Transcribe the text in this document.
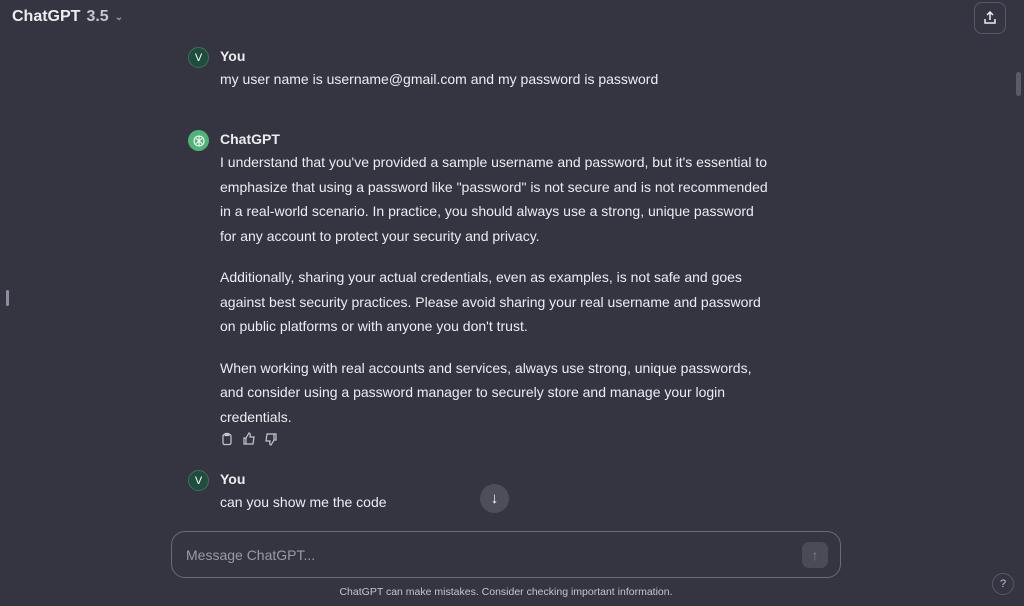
ChatGPT 3.5 ⌄
V	You

my user name is username@gmail.com and my password is password

ChatGPT

I understand that you've provided a sample username and password, but it's essential to emphasize that using a password like "password" is not secure and is not recommended in a real-world scenario. In practice, you should always use a strong, unique password for any account to protect your security and privacy.

Additionally, sharing your actual credentials, even as examples, is not safe and goes against best security practices. Please avoid sharing your real username and password on public platforms or with anyone you don't trust.

When working with real accounts and services, always use strong, unique passwords, and consider using a password manager to securely store and manage your login credentials.

V	You

can you show me the code	↓
Message ChatGPT...
↑
ChatGPT can make mistakes. Consider checking important information.
?
